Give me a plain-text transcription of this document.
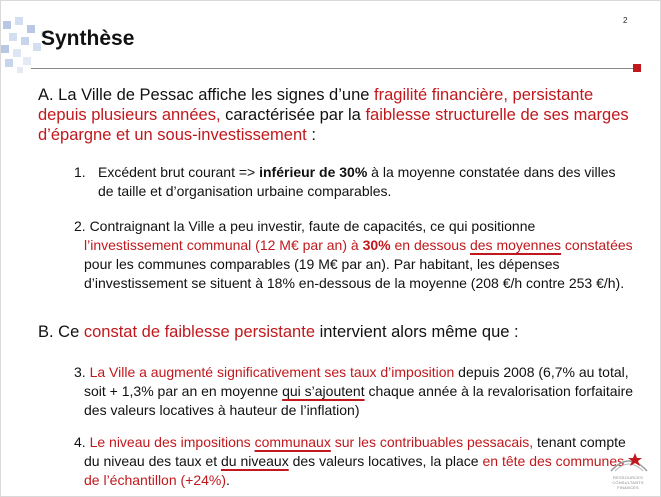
Synthèse
2
A. La Ville de Pessac affiche les signes d’une fragilité financière, persistante depuis plusieurs années, caractérisée par la faiblesse structurelle de ses marges d’épargne et un sous-investissement :
1. Excédent brut courant => inférieur de 30% à la moyenne constatée dans des villes de taille et d’organisation urbaine comparables.
2. Contraignant la Ville a peu investir, faute de capacités, ce qui positionne l’investissement communal (12 M€ par an) à 30% en dessous des moyennes constatées pour les communes comparables (19 M€ par an). Par habitant, les dépenses d’investissement se situent à 18% en-dessous de la moyenne (208 €/h contre 253 €/h).
B. Ce constat de faiblesse persistante intervient alors même que :
3. La Ville a augmenté significativement ses taux d’imposition depuis 2008 (6,7% au total, soit + 1,3% par an en moyenne qui s’ajoutent chaque année à la revalorisation forfaitaire des valeurs locatives à hauteur de l’inflation)
4. Le niveau des impositions communaux sur les contribuables pessacais, tenant compte du niveau des taux et du niveaux des valeurs locatives, la place en tête des communes de l’échantillon (+24%).	RESSOURCES
CONSULTANTS
FINANCES
